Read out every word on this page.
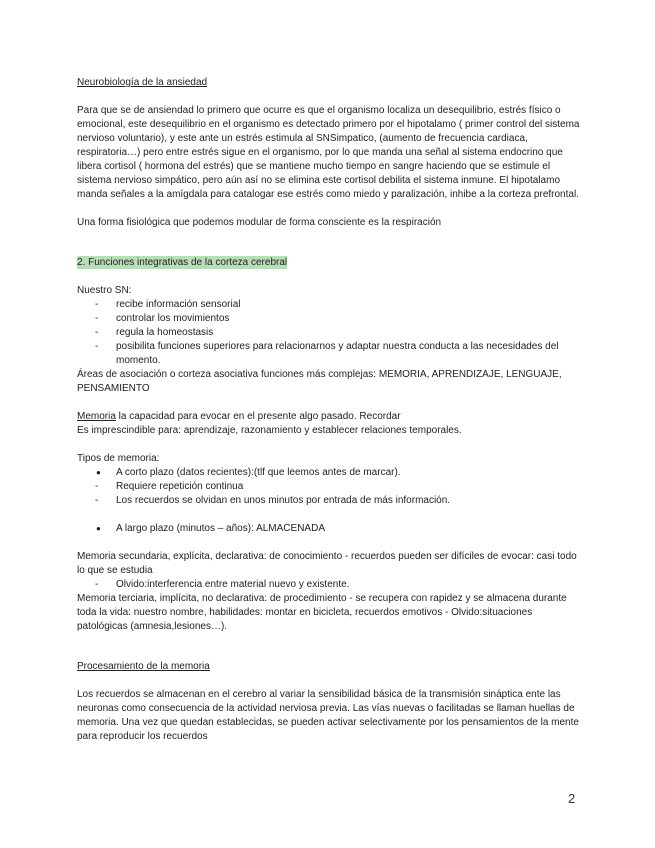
Neurobiología de la ansiedad

Para que se de ansiendad lo primero que ocurre es que el organismo localiza un desequilibrio, estrés físico o emocional, este desequilibrio en el organismo es detectado primero por el hipotalamo ( primer control del sistema nervioso voluntario), y este ante un estrés estimula al SNSimpatico, (aumento de frecuencia cardiaca, respiratoria…) pero entre estrés sigue en el organismo, por lo que manda una señal al sistema endocrino que libera cortisol ( hormona del estrés) que se mantiene mucho tiempo en sangre haciendo que se estimule el sistema nervioso simpático, pero aún así no se elimina este cortisol debilita el sistema inmune. El hipotalamo manda señales a la amígdala para catalogar ese estrés como miedo y paralización, inhibe a la corteza prefrontal.

Una forma fisiológica que podemos modular de forma consciente es la respiración

2. Funciones integrativas de la corteza cerebral

Nuestro SN:

- recibe información sensorial
- controlar los movimientos
- regula la homeostasis
- posibilita funciones superiores para relacionarnos y adaptar nuestra conducta a las necesidades del momento.

Áreas de asociación o corteza asociativa funciones más complejas: MEMORIA, APRENDIZAJE, LENGUAJE, PENSAMIENTO

Memoria la capacidad para evocar en el presente algo pasado. Recordar

Es imprescindible para: aprendizaje, razonamiento y establecer relaciones temporales.

Tipos de memoria:

● A corto plazo (datos recientes):(tlf que leemos antes de marcar).
- Requiere repetición continua
- Los recuerdos se olvidan en unos minutos por entrada de más información.
● A largo plazo (minutos – años): ALMACENADA

Memoria secundaria, explícita, declarativa: de conocimiento - recuerdos pueden ser difíciles de evocar: casi todo lo que se estudia

- Olvido:interferencia entre material nuevo y existente.

Memoria terciaria, implícita, no declarativa: de procedimiento - se recupera con rapidez y se almacena durante toda la vida: nuestro nombre, habilidades: montar en bicicleta, recuerdos emotivos - Olvido:situaciones patológicas (amnesia,lesiones…).

Procesamiento de la memoria

Los recuerdos se almacenan en el cerebro al variar la sensibilidad básica de la transmisión sináptica ente las neuronas como consecuencia de la actividad nerviosa previa. Las vías nuevas o facilitadas se llaman huellas de memoria. Una vez que quedan establecidas, se pueden activar selectivamente por los pensamientos de la mente para reproducir los recuerdos

2
